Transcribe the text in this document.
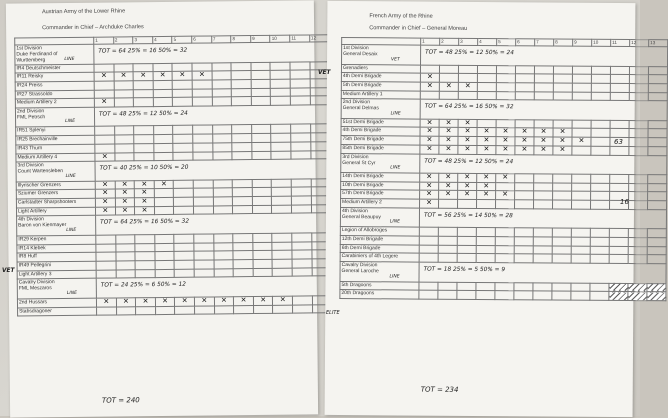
Austrian Army of the Lower Rhine
Commander in Chief – Archduke Charles
	1	2	3	4	5	6	7	8	9	10	11	12	
1st Division
Duke Ferdinand of
Wurttemberg	TOT = 64 25% = 16 50% = 32
LINE												

IR4 Deutschmeister													
IR11 Reisky	✕	✕	✕	✕	✕	✕							
IR24 Preiss													
IR27 Strassoldo													
Medium Artillery 2	✕												
2nd Division
FML Petrsch	TOT = 48 25% = 12 50% = 24
LINE												

IR51 Splenyi													
IR25 Brechainville													
IR43 Thurn													
Medium Artillery 4	✕												
3rd Division
Count Wartensleben	TOT = 40 25% = 10 50% = 20
LINE												

Illyrischer Grenzers	✕	✕	✕	✕									
Sziumer Grenzers	✕	✕	✕										
Carlstadter Sharpshooters	✕	✕	✕										
Light Artillery	✕	✕	✕										
4th Division
Baron von Kienmayer	TOT = 64 25% = 16 50% = 32
LINE												

IR29 Kerpen													
IR14 Klebek													
IR8 Huff													
IR49 Pellegrini													
Light Artillery 3													
Cavalry Division
FML Meszaros	TOT = 24 25% = 6 50% = 12
LINE												

2nd Hussars	✕	✕	✕	✕	✕	✕	✕	✕	✕	✕			
Stabsdragoner													
TOT = 240
French Army of the Rhine
Commander in Chief – General Moreau
	1	2	3	4	5	6	7	8	9	10	11	12	13
1st Division
General Desaix	TOT = 48 25% = 12 50% = 24
VET												

Grenadiers													
4th Demi Brigade	✕												
5th Demi Brigade	✕	✕	✕										
Medium Artillery 1													
2nd Division
General Delmas	TOT = 64 25% = 16 50% = 32
LINE												

51st Demi Brigade	✕	✕	✕										
4th Demi Brigade	✕	✕	✕	✕	✕	✕	✕	✕					
75th Demi Brigade	✕	✕	✕	✕	✕	✕	✕	✕	✕				
85th Demi Brigade	✕	✕	✕	✕	✕	✕	✕	✕					
3rd Division
General St Cyr	TOT = 48 25% = 12 50% = 24
LINE												

14th Demi Brigade	✕	✕	✕	✕	✕								
10th Demi Brigade	✕	✕	✕	✕									
57th Demi Brigade	✕	✕	✕	✕	✕								
Medium Artillery 2	✕												
4th Division
General Beaupuy	TOT = 56 25% = 14 50% = 28
LINE												

Legion of Allobroges													
12th Demi Brigade													
6th Demi Brigade													
Carabiniers of 4th Legere													
Cavalry Division
General Laroche	TOT = 18 25% = 5 50% = 9
LINE												

5th Dragoons													
20th Dragoons													
TOT = 234
VET
VET
ELITE
63
16
